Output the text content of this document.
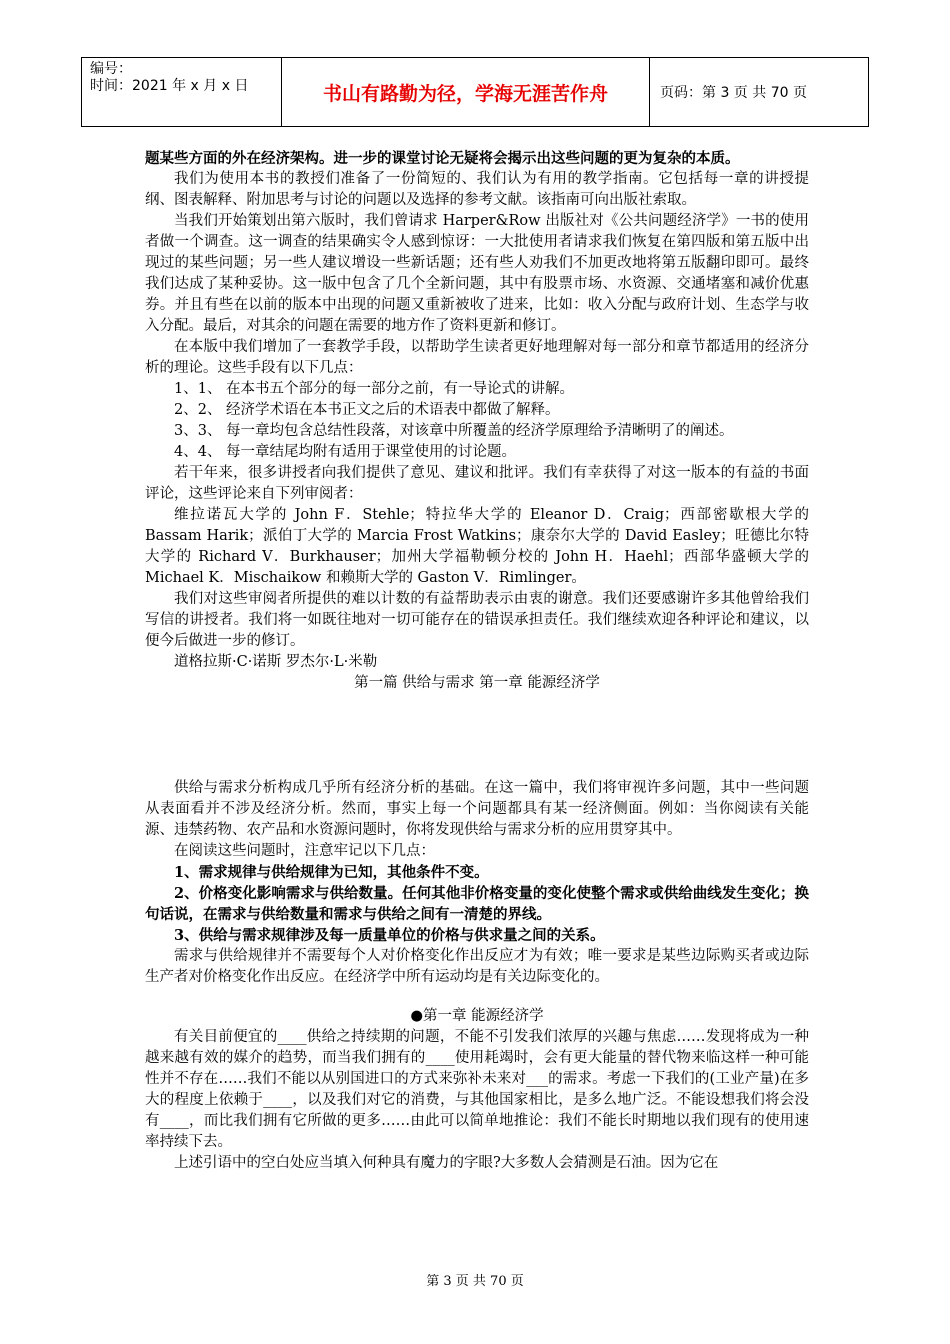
编号：
时间：2021 年 x 月 x 日	书山有路勤为径，学海无涯苦作舟	页码：第 3 页 共 70 页

题某些方面的外在经济架构。进一步的课堂讨论无疑将会揭示出这些问题的更为复杂的本质。

我们为使用本书的教授们准备了一份简短的、我们认为有用的教学指南。它包括每一章的讲授提纲、图表解释、附加思考与讨论的问题以及选择的参考文献。该指南可向出版社索取。

当我们开始策划出第六版时，我们曾请求 Harper&Row 出版社对《公共问题经济学》一书的使用者做一个调查。这一调查的结果确实令人感到惊讶：一大批使用者请求我们恢复在第四版和第五版中出现过的某些问题；另一些人建议增设一些新话题；还有些人劝我们不加更改地将第五版翻印即可。最终我们达成了某种妥协。这一版中包含了几个全新问题，其中有股票市场、水资源、交通堵塞和减价优惠券。并且有些在以前的版本中出现的问题又重新被收了进来，比如：收入分配与政府计划、生态学与收入分配。最后，对其余的问题在需要的地方作了资料更新和修订。

在本版中我们增加了一套教学手段，以帮助学生读者更好地理解对每一部分和章节都适用的经济分析的理论。这些手段有以下几点：

1、1、 在本书五个部分的每一部分之前，有一导论式的讲解。

2、2、 经济学术语在本书正文之后的术语表中都做了解释。

3、3、 每一章均包含总结性段落，对该章中所覆盖的经济学原理给予清晰明了的阐述。

4、4、 每一章结尾均附有适用于课堂使用的讨论题。

若干年来，很多讲授者向我们提供了意见、建议和批评。我们有幸获得了对这一版本的有益的书面评论，这些评论来自下列审阅者：

维拉诺瓦大学的 John F．Stehle；特拉华大学的 Eleanor D．Craig；西部密歇根大学的 Bassam Harik；派伯丁大学的 Marcia Frost Watkins；康奈尔大学的 David Easley；旺德比尔特大学的 Richard V．Burkhauser；加州大学福勒顿分校的 John H．Haehl；西部华盛顿大学的 Michael K．Mischaikow 和赖斯大学的 Gaston V．Rimlinger。

我们对这些审阅者所提供的难以计数的有益帮助表示由衷的谢意。我们还要感谢许多其他曾给我们写信的讲授者。我们将一如既往地对一切可能存在的错误承担责任。我们继续欢迎各种评论和建议，以便今后做进一步的修订。

道格拉斯·C·诺斯 罗杰尔·L·米勒

第一篇 供给与需求 第一章 能源经济学

供给与需求分析构成几乎所有经济分析的基础。在这一篇中，我们将审视许多问题，其中一些问题从表面看并不涉及经济分析。然而，事实上每一个问题都具有某一经济侧面。例如：当你阅读有关能源、违禁药物、农产品和水资源问题时，你将发现供给与需求分析的应用贯穿其中。

在阅读这些问题时，注意牢记以下几点：

1、需求规律与供给规律为已知，其他条件不变。

2、价格变化影响需求与供给数量。任何其他非价格变量的变化使整个需求或供给曲线发生变化；换句话说，在需求与供给数量和需求与供给之间有一清楚的界线。

3、供给与需求规律涉及每一质量单位的价格与供求量之间的关系。

需求与供给规律并不需要每个人对价格变化作出反应才为有效；唯一要求是某些边际购买者或边际生产者对价格变化作出反应。在经济学中所有运动均是有关边际变化的。

●第一章 能源经济学

有关目前便宜的____供给之持续期的问题，不能不引发我们浓厚的兴趣与焦虑……发现将成为一种越来越有效的媒介的趋势，而当我们拥有的____使用耗竭时，会有更大能量的替代物来临这样一种可能性并不存在……我们不能以从别国进口的方式来弥补未来对___的需求。考虑一下我们的(工业产量)在多大的程度上依赖于____，以及我们对它的消费，与其他国家相比，是多么地广泛。不能设想我们将会没有____，而比我们拥有它所做的更多……由此可以简单地推论：我们不能长时期地以我们现有的使用速率持续下去。

上述引语中的空白处应当填入何种具有魔力的字眼?大多数人会猜测是石油。因为它在

第 3 页 共 70 页
